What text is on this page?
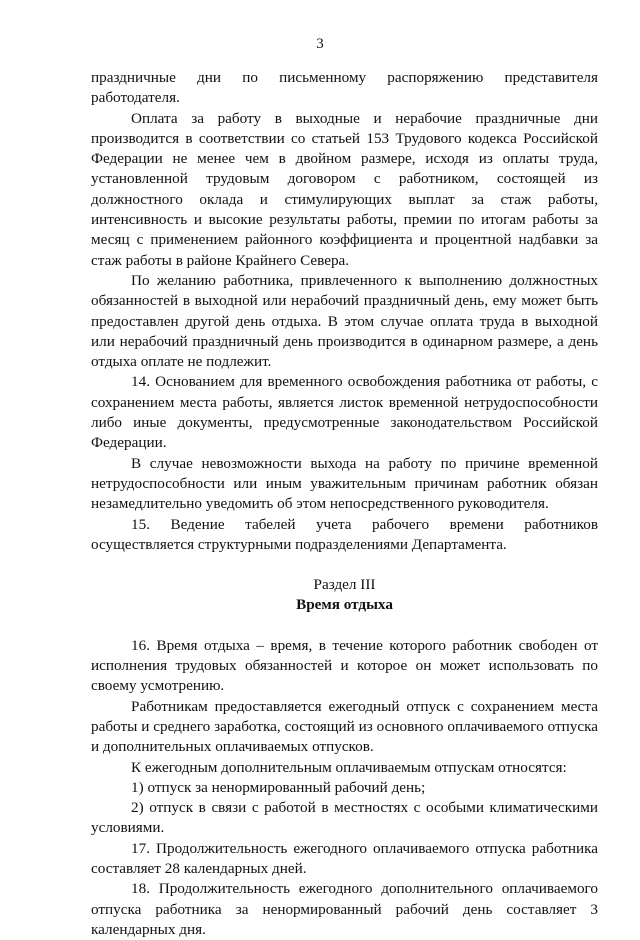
3

праздничные дни по письменному распоряжению представителя работодателя.

Оплата за работу в выходные и нерабочие праздничные дни производится в соответствии со статьей 153 Трудового кодекса Российской Федерации не менее чем в двойном размере, исходя из оплаты труда, установленной трудовым договором с работником, состоящей из должностного оклада и стимулирующих выплат за стаж работы, интенсивность и высокие результаты работы, премии по итогам работы за месяц с применением районного коэффициента и процентной надбавки за стаж работы в районе Крайнего Севера.

По желанию работника, привлеченного к выполнению должностных обязанностей в выходной или нерабочий праздничный день, ему может быть предоставлен другой день отдыха. В этом случае оплата труда в выходной или нерабочий праздничный день производится в одинарном размере, а день отдыха оплате не подлежит.

14. Основанием для временного освобождения работника от работы, с сохранением места работы, является листок временной нетрудоспособности либо иные документы, предусмотренные законодательством Российской Федерации.

В случае невозможности выхода на работу по причине временной нетрудоспособности или иным уважительным причинам работник обязан незамедлительно уведомить об этом непосредственного руководителя.

15. Ведение табелей учета рабочего времени работников осуществляется структурными подразделениями Департамента.

Раздел III
Время отдыха

16. Время отдыха – время, в течение которого работник свободен от исполнения трудовых обязанностей и которое он может использовать по своему усмотрению.

Работникам предоставляется ежегодный отпуск с сохранением места работы и среднего заработка, состоящий из основного оплачиваемого отпуска и дополнительных оплачиваемых отпусков.

К ежегодным дополнительным оплачиваемым отпускам относятся:

1) отпуск за ненормированный рабочий день;

2) отпуск в связи с работой в местностях с особыми климатическими условиями.

17. Продолжительность ежегодного оплачиваемого отпуска работника составляет 28 календарных дней.

18. Продолжительность ежегодного дополнительного оплачиваемого отпуска работника за ненормированный рабочий день составляет 3 календарных дня.
